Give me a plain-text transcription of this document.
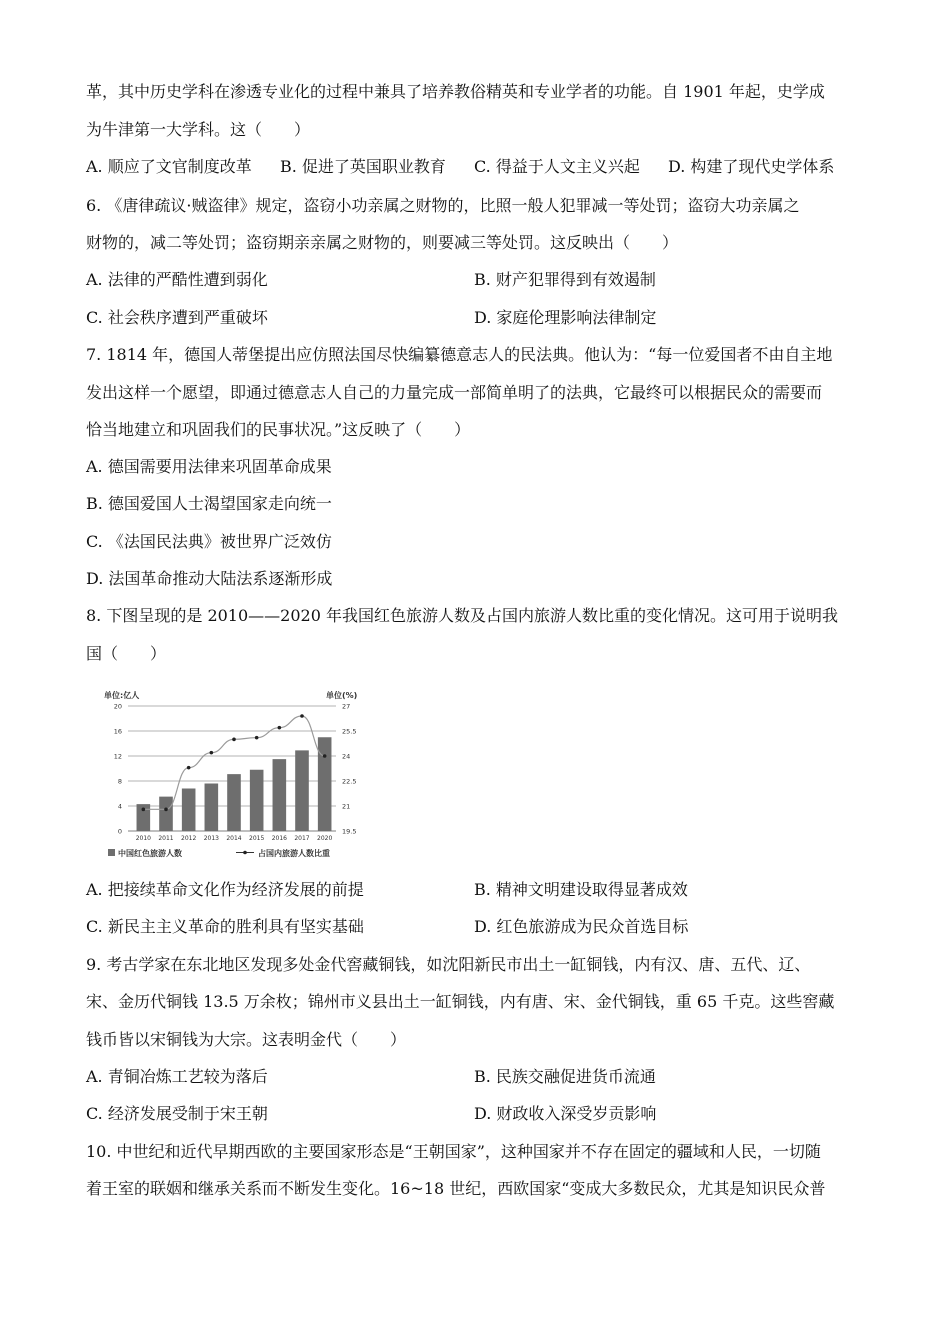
革，其中历史学科在渗透专业化的过程中兼具了培养教俗精英和专业学者的功能。自 1901 年起，史学成
为牛津第一大学科。这（　　）
A. 顺应了文官制度改革 B. 促进了英国职业教育 C. 得益于人文主义兴起 D. 构建了现代史学体系
6. 《唐律疏议·贼盗律》规定，盗窃小功亲属之财物的，比照一般人犯罪减一等处罚；盗窃大功亲属之
财物的，减二等处罚；盗窃期亲亲属之财物的，则要减三等处罚。这反映出（　　）
A. 法律的严酷性遭到弱化	B. 财产犯罪得到有效遏制
C. 社会秩序遭到严重破坏	D. 家庭伦理影响法律制定
7. 1814 年，德国人蒂堡提出应仿照法国尽快编纂德意志人的民法典。他认为：“每一位爱国者不由自主地
发出这样一个愿望，即通过德意志人自己的力量完成一部简单明了的法典，它最终可以根据民众的需要而
恰当地建立和巩固我们的民事状况。”这反映了（　　）
A. 德国需要用法律来巩固革命成果
B. 德国爱国人士渴望国家走向统一
C. 《法国民法典》被世界广泛效仿
D. 法国革命推动大陆法系逐渐形成
8. 下图呈现的是 2010——2020 年我国红色旅游人数及占国内旅游人数比重的变化情况。这可用于说明我
国（　　）
单位:亿人	单位(%)
0
4
8
12
16
20
19.5
21
22.5
24
25.5
27
2010 2011 2012 2013 2014 2015 2016 2017 2020
中国红色旅游人数	占国内旅游人数比重
A. 把接续革命文化作为经济发展的前提	B. 精神文明建设取得显著成效
C. 新民主主义革命的胜利具有坚实基础	D. 红色旅游成为民众首选目标
9. 考古学家在东北地区发现多处金代窖藏铜钱，如沈阳新民市出土一缸铜钱，内有汉、唐、五代、辽、
宋、金历代铜钱 13.5 万余枚；锦州市义县出土一缸铜钱，内有唐、宋、金代铜钱，重 65 千克。这些窖藏
钱币皆以宋铜钱为大宗。这表明金代（　　）
A. 青铜冶炼工艺较为落后	B. 民族交融促进货币流通
C. 经济发展受制于宋王朝	D. 财政收入深受岁贡影响
10. 中世纪和近代早期西欧的主要国家形态是“王朝国家”，这种国家并不存在固定的疆域和人民，一切随
着王室的联姻和继承关系而不断发生变化。16~18 世纪，西欧国家“变成大多数民众，尤其是知识民众普
